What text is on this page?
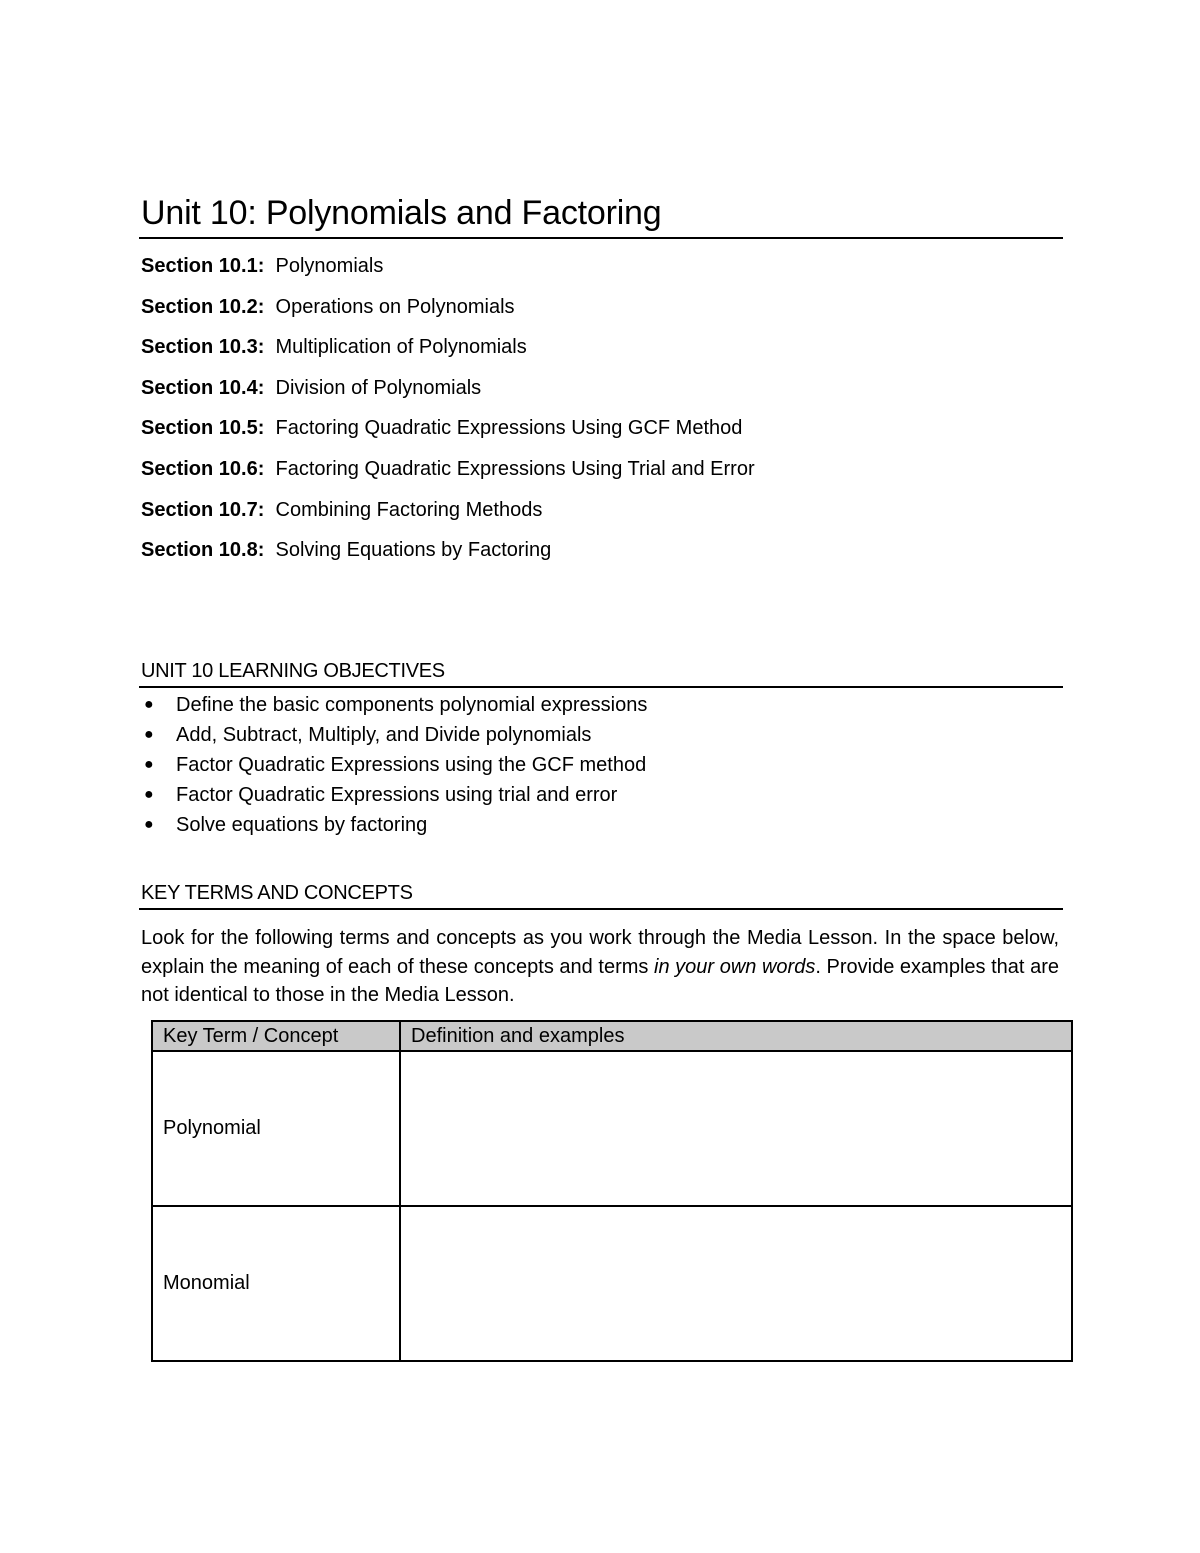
Unit 10: Polynomials and Factoring
Section 10.1: Polynomials
Section 10.2: Operations on Polynomials
Section 10.3: Multiplication of Polynomials
Section 10.4: Division of Polynomials
Section 10.5: Factoring Quadratic Expressions Using GCF Method
Section 10.6: Factoring Quadratic Expressions Using Trial and Error
Section 10.7: Combining Factoring Methods
Section 10.8: Solving Equations by Factoring
UNIT 10 LEARNING OBJECTIVES
● Define the basic components polynomial expressions
● Add, Subtract, Multiply, and Divide polynomials
● Factor Quadratic Expressions using the GCF method
● Factor Quadratic Expressions using trial and error
● Solve equations by factoring
KEY TERMS AND CONCEPTS

Look for the following terms and concepts as you work through the Media Lesson. In the space below, explain the meaning of each of these concepts and terms in your own words. Provide examples that are not identical to those in the Media Lesson.

Key Term / Concept	Definition and examples
Polynomial	
Monomial	
